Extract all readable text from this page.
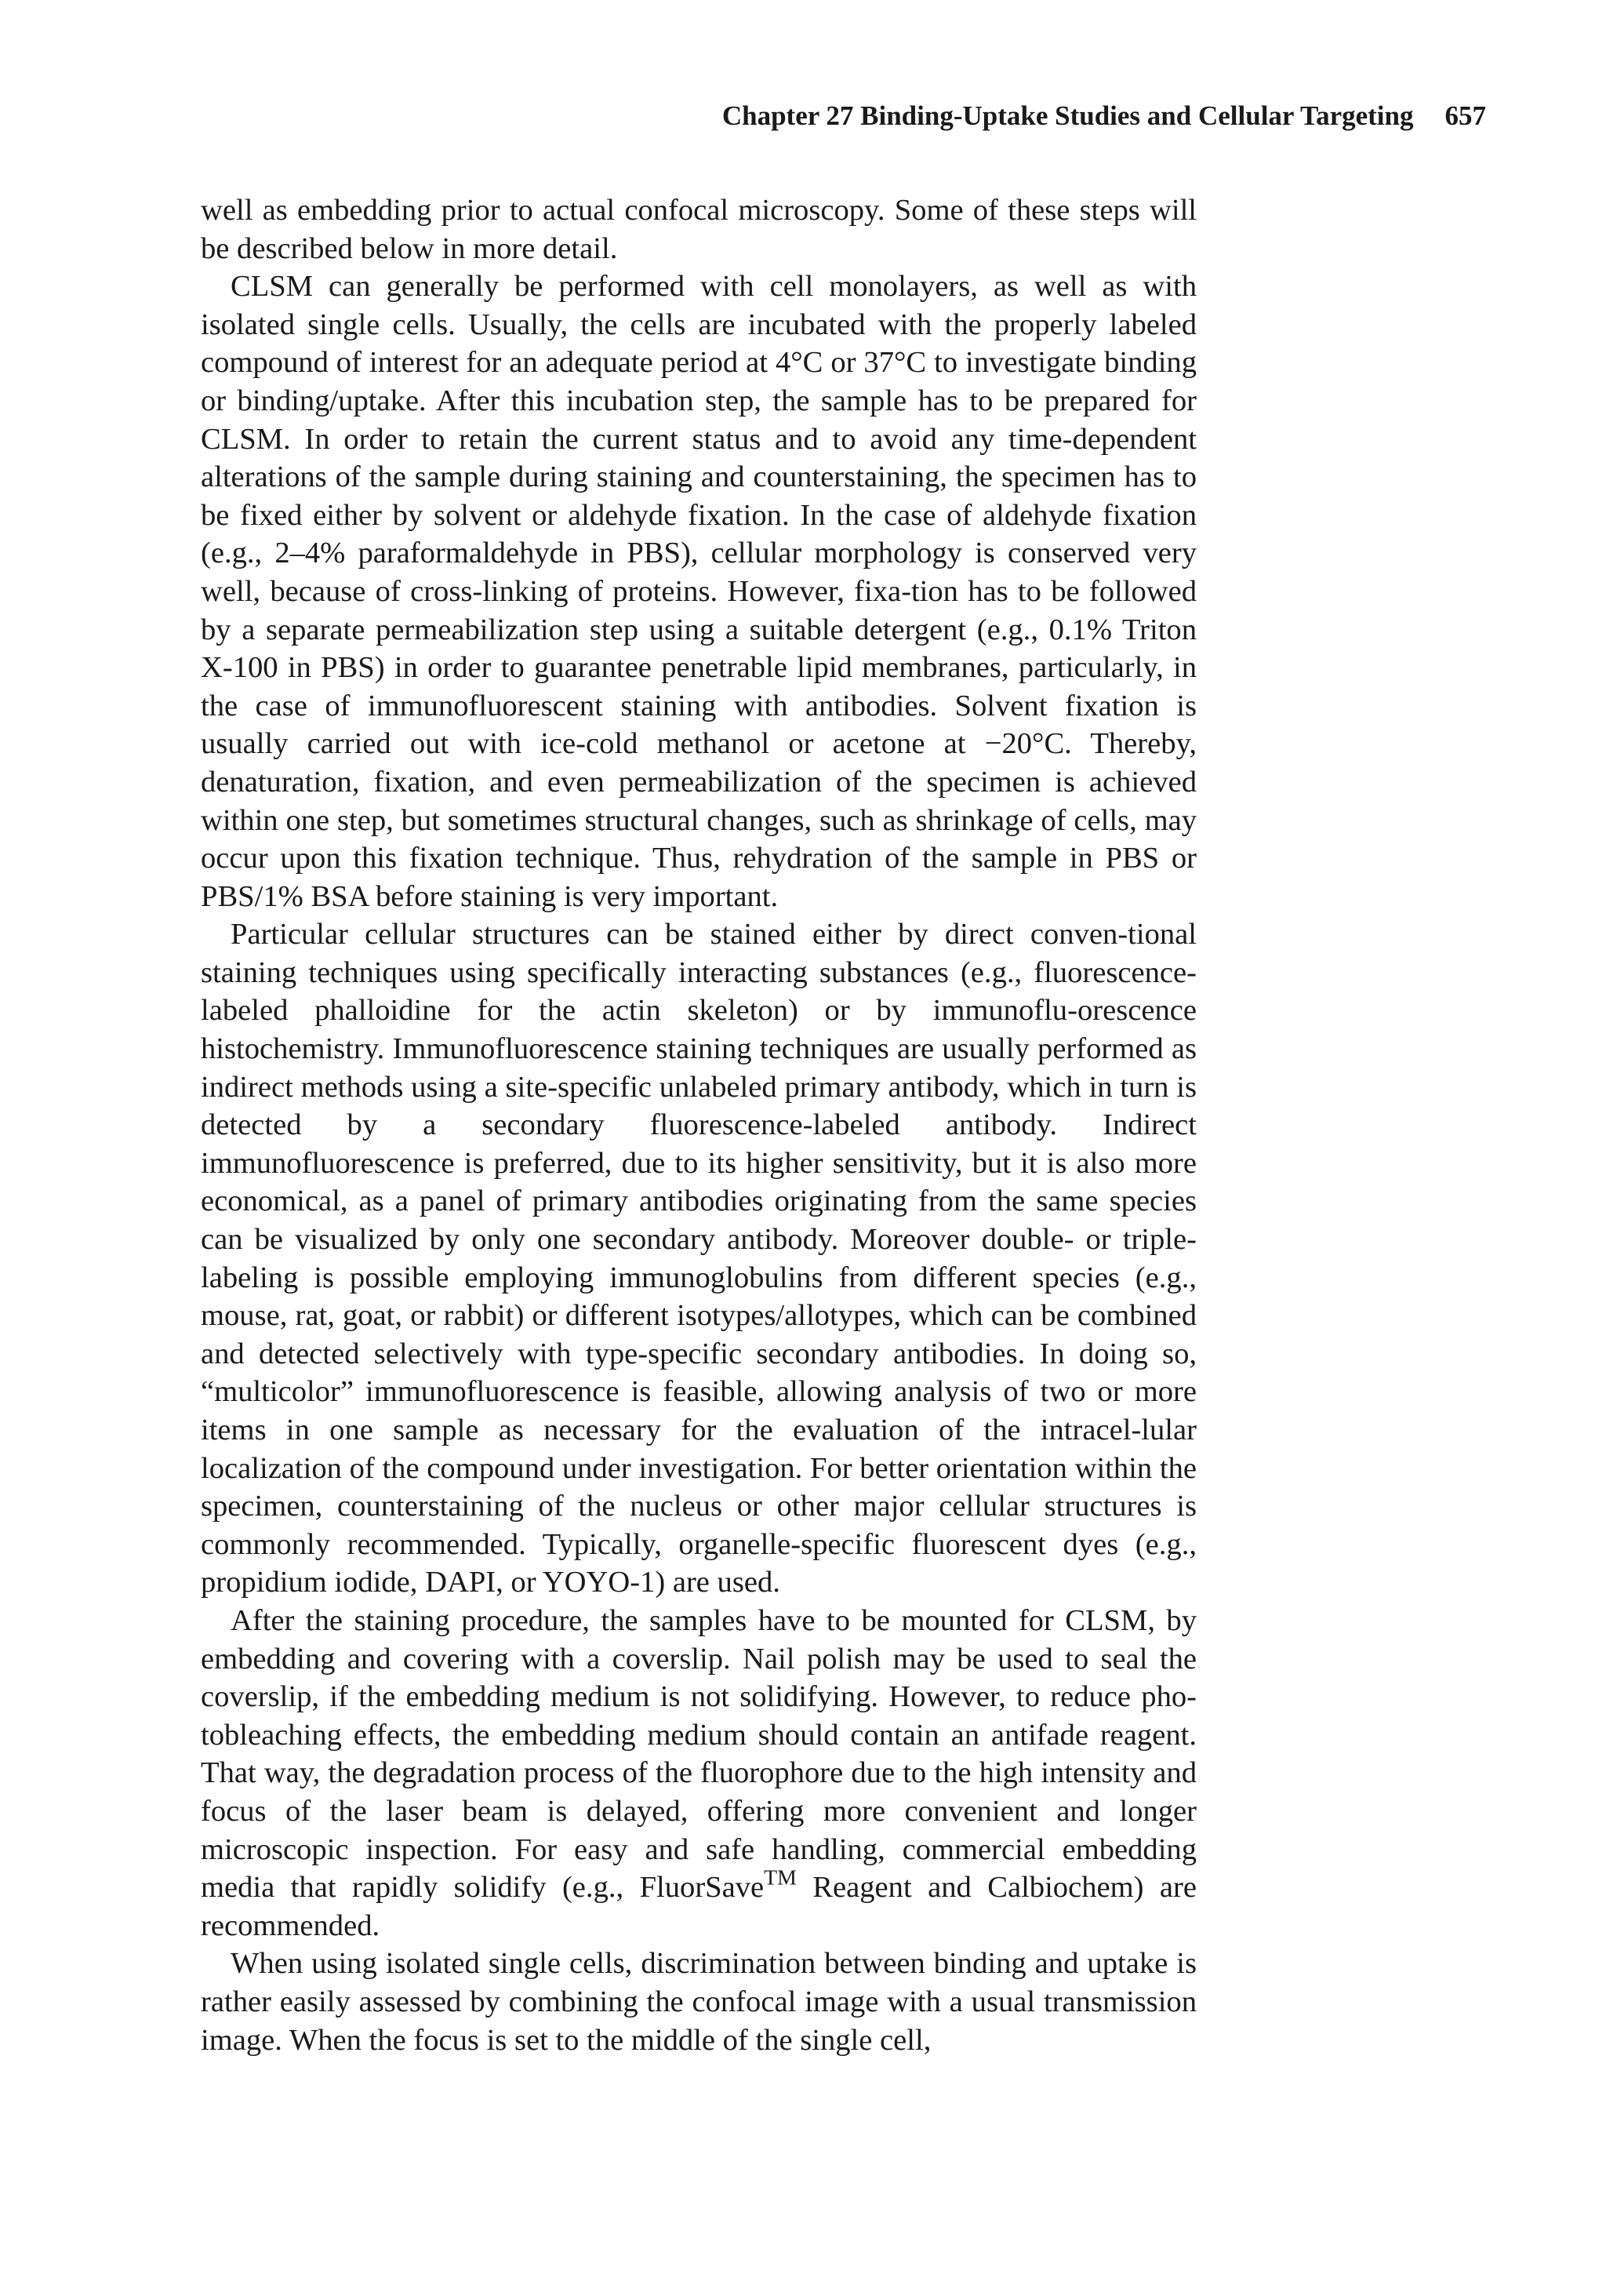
Chapter 27 Binding-Uptake Studies and Cellular Targeting 657

well as embedding prior to actual confocal microscopy. Some of these steps will be described below in more detail.

CLSM can generally be performed with cell monolayers, as well as with isolated single cells. Usually, the cells are incubated with the properly labeled compound of interest for an adequate period at 4°C or 37°C to investigate binding or binding/uptake. After this incubation step, the sample has to be prepared for CLSM. In order to retain the current status and to avoid any time-dependent alterations of the sample during staining and counterstaining, the specimen has to be fixed either by solvent or aldehyde fixation. In the case of aldehyde fixation (e.g., 2–4% paraformaldehyde in PBS), cellular morphology is conserved very well, because of cross-linking of proteins. However, fixa-tion has to be followed by a separate permeabilization step using a suitable detergent (e.g., 0.1% Triton X-100 in PBS) in order to guarantee penetrable lipid membranes, particularly, in the case of immunofluorescent staining with antibodies. Solvent fixation is usually carried out with ice-cold methanol or acetone at −20°C. Thereby, denaturation, fixation, and even permeabilization of the specimen is achieved within one step, but sometimes structural changes, such as shrinkage of cells, may occur upon this fixation technique. Thus, rehydration of the sample in PBS or PBS/1% BSA before staining is very important.

Particular cellular structures can be stained either by direct conven-tional staining techniques using specifically interacting substances (e.g., fluorescence-labeled phalloidine for the actin skeleton) or by immunoflu-orescence histochemistry. Immunofluorescence staining techniques are usually performed as indirect methods using a site-specific unlabeled primary antibody, which in turn is detected by a secondary fluorescence-labeled antibody. Indirect immunofluorescence is preferred, due to its higher sensitivity, but it is also more economical, as a panel of primary antibodies originating from the same species can be visualized by only one secondary antibody. Moreover double- or triple-labeling is possible employing immunoglobulins from different species (e.g., mouse, rat, goat, or rabbit) or different isotypes/allotypes, which can be combined and detected selectively with type-specific secondary antibodies. In doing so, “multicolor” immunofluorescence is feasible, allowing analysis of two or more items in one sample as necessary for the evaluation of the intracel-lular localization of the compound under investigation. For better orientation within the specimen, counterstaining of the nucleus or other major cellular structures is commonly recommended. Typically, organelle-specific fluorescent dyes (e.g., propidium iodide, DAPI, or YOYO-1) are used.

After the staining procedure, the samples have to be mounted for CLSM, by embedding and covering with a coverslip. Nail polish may be used to seal the coverslip, if the embedding medium is not solidifying. However, to reduce pho-tobleaching effects, the embedding medium should contain an antifade reagent. That way, the degradation process of the fluorophore due to the high intensity and focus of the laser beam is delayed, offering more convenient and longer microscopic inspection. For easy and safe handling, commercial embedding media that rapidly solidify (e.g., FluorSave™ Reagent and Calbiochem) are recommended.

When using isolated single cells, discrimination between binding and uptake is rather easily assessed by combining the confocal image with a usual transmission image. When the focus is set to the middle of the single cell,
